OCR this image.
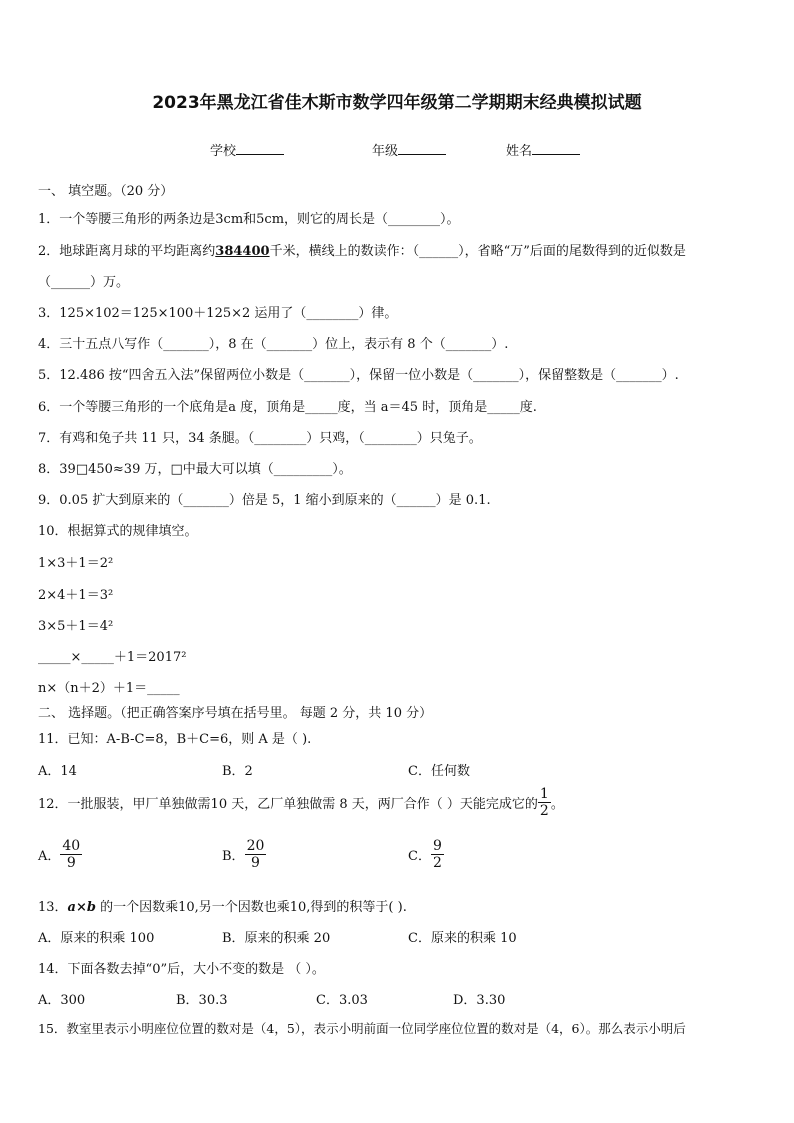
2023年黑龙江省佳木斯市数学四年级第二学期期末经典模拟试题
学校	年级	姓名
一、 填空题。（20 分）
1．一个等腰三角形的两条边是3cm和5cm，则它的周长是（________）。
2．地球距离月球的平均距离约384400千米，横线上的数读作：（______），省略“万”后面的尾数得到的近似数是
（______）万。
3．125×102＝125×100＋125×2 运用了（________）律。
4．三十五点八写作（_______），8 在（_______）位上，表示有 8 个（_______）.
5．12.486 按“四舍五入法”保留两位小数是（_______），保留一位小数是（_______），保留整数是（_______）.
6．一个等腰三角形的一个底角是a 度，顶角是_____度，当 a＝45 时，顶角是_____度.
7．有鸡和兔子共 11 只，34 条腿。（________）只鸡，（________）只兔子。
8．39□450≈39 万，□中最大可以填（_________）。
9．0.05 扩大到原来的（_______）倍是 5，1 缩小到原来的（______）是 0.1.
10．根据算式的规律填空。
1×3＋1＝2²
2×4＋1＝3²
3×5＋1＝4²
_____×_____＋1＝2017²
n×（n＋2）＋1＝_____
二、 选择题。（把正确答案序号填在括号里。 每题 2 分，共 10 分）
11．已知：A-B-C=8，B＋C=6，则 A 是（ ).
A．14	B．2	C．任何数
12．一批服装，甲厂单独做需10 天，乙厂单独做需 8 天，两厂合作（ ）天能完成它的 $\frac{1}{2}$ 。
A． $\frac{40}{9}$	B． $\frac{20}{9}$	C． $\frac{9}{2}$
13．a×b 的一个因数乘10,另一个因数也乘10,得到的积等于( ).
A．原来的积乘 100	B．原来的积乘 20	C．原来的积乘 10
14．下面各数去掉“0”后，大小不变的数是 （ ）。
A．300	B．30.3	C．3.03	D．3.30
15．教室里表示小明座位位置的数对是（4，5），表示小明前面一位同学座位位置的数对是（4，6）。那么表示小明后
